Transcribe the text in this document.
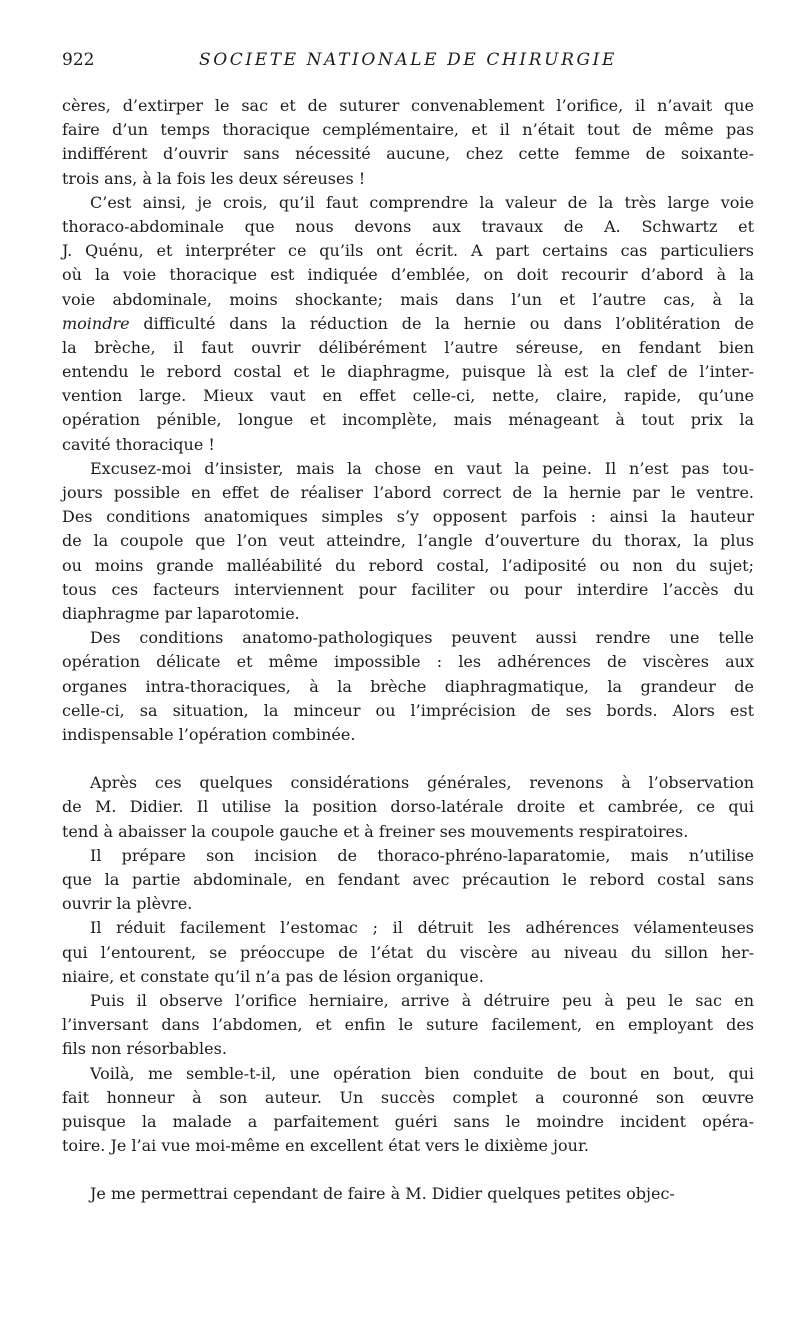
922	SOCIETE NATIONALE DE CHIRURGIE
cères, d’extirper le sac et de suturer convenablement l’orifice, il n’avait que
faire d’un temps thoracique cemplémentaire, et il n’était tout de même pas
indifférent d’ouvrir sans nécessité aucune, chez cette femme de soixante-
trois ans, à la fois les deux séreuses !
C’est ainsi, je crois, qu’il faut comprendre la valeur de la très large voie
thoraco-abdominale que nous devons aux travaux de A. Schwartz et
J. Quénu, et interpréter ce qu’ils ont écrit. A part certains cas particuliers
où la voie thoracique est indiquée d’emblée, on doit recourir d’abord à la
voie abdominale, moins shockante; mais dans l’un et l’autre cas, à la
moindre difficulté dans la réduction de la hernie ou dans l’oblitération de
la brèche, il faut ouvrir délibérément l’autre séreuse, en fendant bien
entendu le rebord costal et le diaphragme, puisque là est la clef de l’inter-
vention large. Mieux vaut en effet celle-ci, nette, claire, rapide, qu’une
opération pénible, longue et incomplète, mais ménageant à tout prix la
cavité thoracique !
Excusez-moi d’insister, mais la chose en vaut la peine. Il n’est pas tou-
jours possible en effet de réaliser l’abord correct de la hernie par le ventre.
Des conditions anatomiques simples s’y opposent parfois : ainsi la hauteur
de la coupole que l’on veut atteindre, l’angle d’ouverture du thorax, la plus
ou moins grande malléabilité du rebord costal, l’adiposité ou non du sujet;
tous ces facteurs interviennent pour faciliter ou pour interdire l’accès du
diaphragme par laparotomie.
Des conditions anatomo-pathologiques peuvent aussi rendre une telle
opération délicate et même impossible : les adhérences de viscères aux
organes intra-thoraciques, à la brèche diaphragmatique, la grandeur de
celle-ci, sa situation, la minceur ou l’imprécision de ses bords. Alors est
indispensable l’opération combinée.
Après ces quelques considérations générales, revenons à l’observation
de M. Didier. Il utilise la position dorso-latérale droite et cambrée, ce qui
tend à abaisser la coupole gauche et à freiner ses mouvements respiratoires.
Il prépare son incision de thoraco-phréno-laparatomie, mais n’utilise
que la partie abdominale, en fendant avec précaution le rebord costal sans
ouvrir la plèvre.
Il réduit facilement l’estomac ; il détruit les adhérences vélamenteuses
qui l’entourent, se préoccupe de l’état du viscère au niveau du sillon her-
niaire, et constate qu’il n’a pas de lésion organique.
Puis il observe l’orifice herniaire, arrive à détruire peu à peu le sac en
l’inversant dans l’abdomen, et enfin le suture facilement, en employant des
fils non résorbables.
Voilà, me semble-t-il, une opération bien conduite de bout en bout, qui
fait honneur à son auteur. Un succès complet a couronné son œuvre
puisque la malade a parfaitement guéri sans le moindre incident opéra-
toire. Je l’ai vue moi-même en excellent état vers le dixième jour.
Je me permettrai cependant de faire à M. Didier quelques petites objec-
